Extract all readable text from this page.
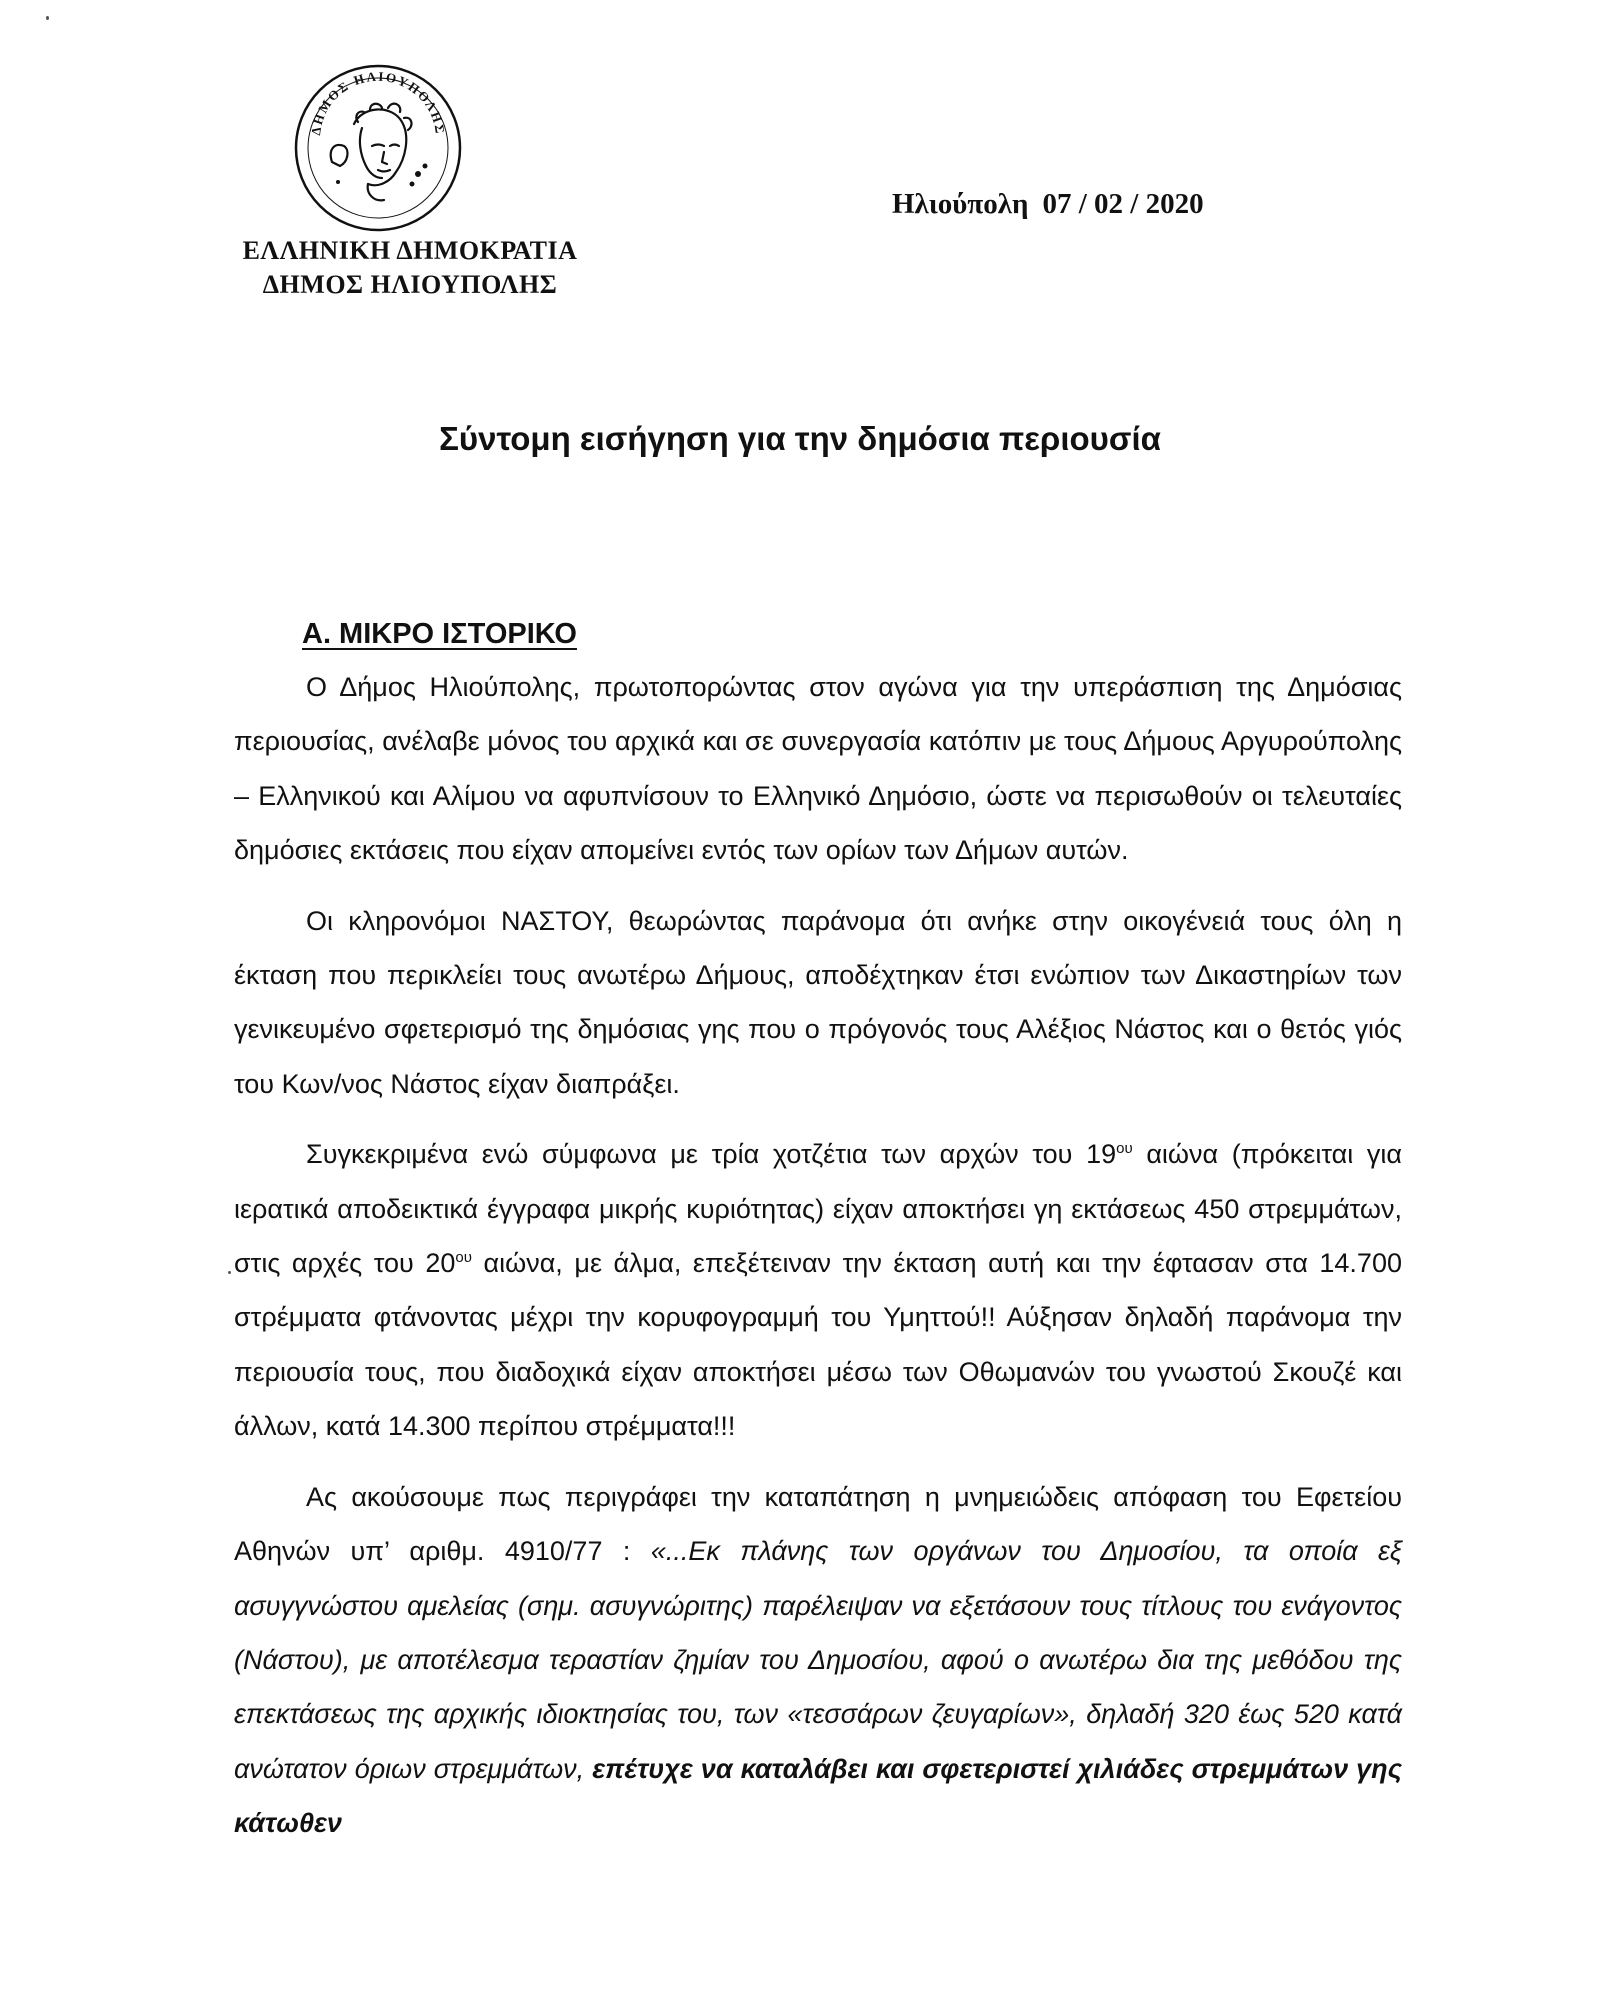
ΔΗΜΟΣ ΗΛΙΟΥΠΟΛΗΣ
ΕΛΛΗΝΙΚΗ ΔΗΜΟΚΡΑΤΙΑ
ΔΗΜΟΣ ΗΛΙΟΥΠΟΛΗΣ
Ηλιούπολη 07 / 02 / 2020
Σύντομη εισήγηση για την δημόσια περιουσία
Α. ΜΙΚΡΟ ΙΣΤΟΡΙΚΟ

Ο Δήμος Ηλιούπολης, πρωτοπορώντας στον αγώνα για την υπεράσπιση της Δημόσιας περιουσίας, ανέλαβε μόνος του αρχικά και σε συνεργασία κατόπιν με τους Δήμους Αργυρούπολης – Ελληνικού και Αλίμου να αφυπνίσουν το Ελληνικό Δημόσιο, ώστε να περισωθούν οι τελευταίες δημόσιες εκτάσεις που είχαν απομείνει εντός των ορίων των Δήμων αυτών.

Οι κληρονόμοι ΝΑΣΤΟΥ, θεωρώντας παράνομα ότι ανήκε στην οικογένειά τους όλη η έκταση που περικλείει τους ανωτέρω Δήμους, αποδέχτηκαν έτσι ενώπιον των Δικαστηρίων των γενικευμένο σφετερισμό της δημόσιας γης που ο πρόγονός τους Αλέξιος Νάστος και ο θετός γιός του Κων/νος Νάστος είχαν διαπράξει.

Συγκεκριμένα ενώ σύμφωνα με τρία χοτζέτια των αρχών του $19^{o\upsilon}$ αιώνα (πρόκειται για ιερατικά αποδεικτικά έγγραφα μικρής κυριότητας) είχαν αποκτήσει γη εκτάσεως 450 στρεμμάτων, στις αρχές του $20^{o\upsilon}$ αιώνα, με άλμα, επεξέτειναν την έκταση αυτή και την έφτασαν στα 14.700 στρέμματα φτάνοντας μέχρι την κορυφογραμμή του Υμηττού!! Αύξησαν δηλαδή παράνομα την περιουσία τους, που διαδοχικά είχαν αποκτήσει μέσω των Οθωμανών του γνωστού Σκουζέ και άλλων, κατά 14.300 περίπου στρέμματα!!!

Ας ακούσουμε πως περιγράφει την καταπάτηση η μνημειώδεις απόφαση του Εφετείου Αθηνών υπ’ αριθμ. 4910/77 : «...Εκ πλάνης των οργάνων του Δημοσίου, τα οποία εξ ασυγγνώστου αμελείας (σημ. ασυγνώριτης) παρέλειψαν να εξετάσουν τους τίτλους του ενάγοντος (Νάστου), με αποτέλεσμα τεραστίαν ζημίαν του Δημοσίου, αφού ο ανωτέρω δια της μεθόδου της επεκτάσεως της αρχικής ιδιοκτησίας του, των «τεσσάρων ζευγαρίων», δηλαδή 320 έως 520 κατά ανώτατον όριων στρεμμάτων, επέτυχε να καταλάβει και σφετεριστεί χιλιάδες στρεμμάτων γης κάτωθεν
